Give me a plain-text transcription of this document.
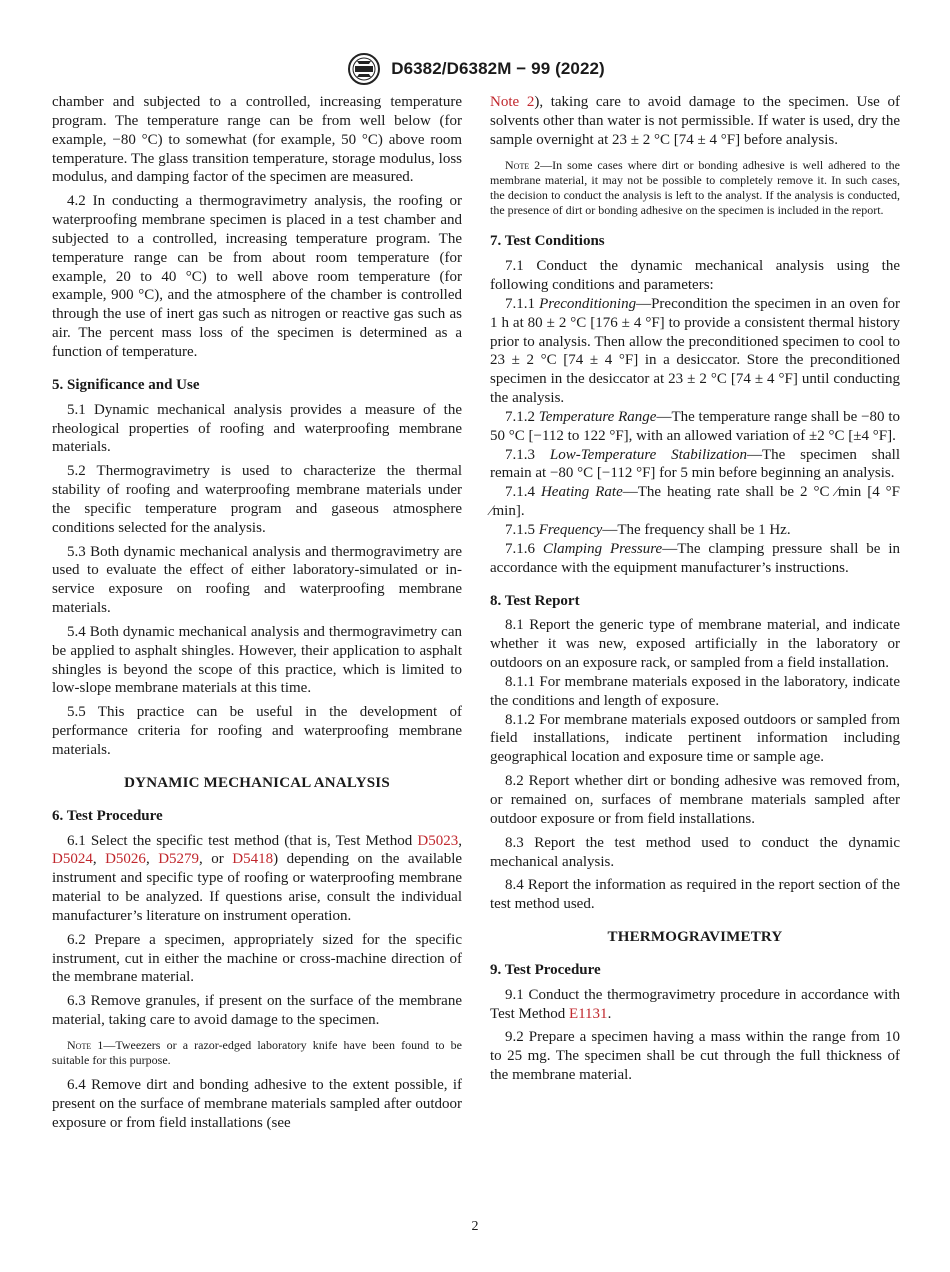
D6382/D6382M − 99 (2022)

chamber and subjected to a controlled, increasing temperature program. The temperature range can be from well below (for example, −80 °C) to somewhat (for example, 50 °C) above room temperature. The glass transition temperature, storage modulus, loss modulus, and damping factor of the specimen are measured.

4.2 In conducting a thermogravimetry analysis, the roofing or waterproofing membrane specimen is placed in a test chamber and subjected to a controlled, increasing temperature program. The temperature range can be from about room temperature (for example, 20 to 40 °C) to well above room temperature (for example, 900 °C), and the atmosphere of the chamber is controlled through the use of inert gas such as nitrogen or reactive gas such as air. The percent mass loss of the specimen is determined as a function of temperature.

5. Significance and Use

5.1 Dynamic mechanical analysis provides a measure of the rheological properties of roofing and waterproofing membrane materials.

5.2 Thermogravimetry is used to characterize the thermal stability of roofing and waterproofing membrane materials under the specific temperature program and gaseous atmosphere conditions selected for the analysis.

5.3 Both dynamic mechanical analysis and thermogravimetry are used to evaluate the effect of either laboratory-simulated or in-service exposure on roofing and waterproofing membrane materials.

5.4 Both dynamic mechanical analysis and thermogravimetry can be applied to asphalt shingles. However, their application to asphalt shingles is beyond the scope of this practice, which is limited to low-slope membrane materials at this time.

5.5 This practice can be useful in the development of performance criteria for roofing and waterproofing membrane materials.

DYNAMIC MECHANICAL ANALYSIS
6. Test Procedure

6.1 Select the specific test method (that is, Test Method D5023, D5024, D5026, D5279, or D5418) depending on the available instrument and specific type of roofing or waterproofing membrane material to be analyzed. If questions arise, consult the individual manufacturer’s literature on instrument operation.

6.2 Prepare a specimen, appropriately sized for the specific instrument, cut in either the machine or cross-machine direction of the membrane material.

6.3 Remove granules, if present on the surface of the membrane material, taking care to avoid damage to the specimen.

Note 1—Tweezers or a razor-edged laboratory knife have been found to be suitable for this purpose.

6.4 Remove dirt and bonding adhesive to the extent possible, if present on the surface of membrane materials sampled after outdoor exposure or from field installations (see

Note 2), taking care to avoid damage to the specimen. Use of solvents other than water is not permissible. If water is used, dry the sample overnight at 23 ± 2 °C [74 ± 4 °F] before analysis.

Note 2—In some cases where dirt or bonding adhesive is well adhered to the membrane material, it may not be possible to completely remove it. In such cases, the decision to conduct the analysis is left to the analyst. If the analysis is conducted, the presence of dirt or bonding adhesive on the specimen is included in the report.
7. Test Conditions

7.1 Conduct the dynamic mechanical analysis using the following conditions and parameters:

7.1.1 Preconditioning—Precondition the specimen in an oven for 1 h at 80 ± 2 °C [176 ± 4 °F] to provide a consistent thermal history prior to analysis. Then allow the preconditioned specimen to cool to 23 ± 2 °C [74 ± 4 °F] in a desiccator. Store the preconditioned specimen in the desiccator at 23 ± 2 °C [74 ± 4 °F] until conducting the analysis.

7.1.2 Temperature Range—The temperature range shall be −80 to 50 °C [−112 to 122 °F], with an allowed variation of ±2 °C [±4 °F].

7.1.3 Low-Temperature Stabilization—The specimen shall remain at −80 °C [−112 °F] for 5 min before beginning an analysis.

7.1.4 Heating Rate—The heating rate shall be 2 °C ⁄min [4 °F ⁄min].

7.1.5 Frequency—The frequency shall be 1 Hz.

7.1.6 Clamping Pressure—The clamping pressure shall be in accordance with the equipment manufacturer’s instructions.

8. Test Report

8.1 Report the generic type of membrane material, and indicate whether it was new, exposed artificially in the laboratory or outdoors on an exposure rack, or sampled from a field installation.

8.1.1 For membrane materials exposed in the laboratory, indicate the conditions and length of exposure.

8.1.2 For membrane materials exposed outdoors or sampled from field installations, indicate pertinent information including geographical location and exposure time or sample age.

8.2 Report whether dirt or bonding adhesive was removed from, or remained on, surfaces of membrane materials sampled after outdoor exposure or from field installations.

8.3 Report the test method used to conduct the dynamic mechanical analysis.

8.4 Report the information as required in the report section of the test method used.

THERMOGRAVIMETRY
9. Test Procedure

9.1 Conduct the thermogravimetry procedure in accordance with Test Method E1131.

9.2 Prepare a specimen having a mass within the range from 10 to 25 mg. The specimen shall be cut through the full thickness of the membrane material.

2
